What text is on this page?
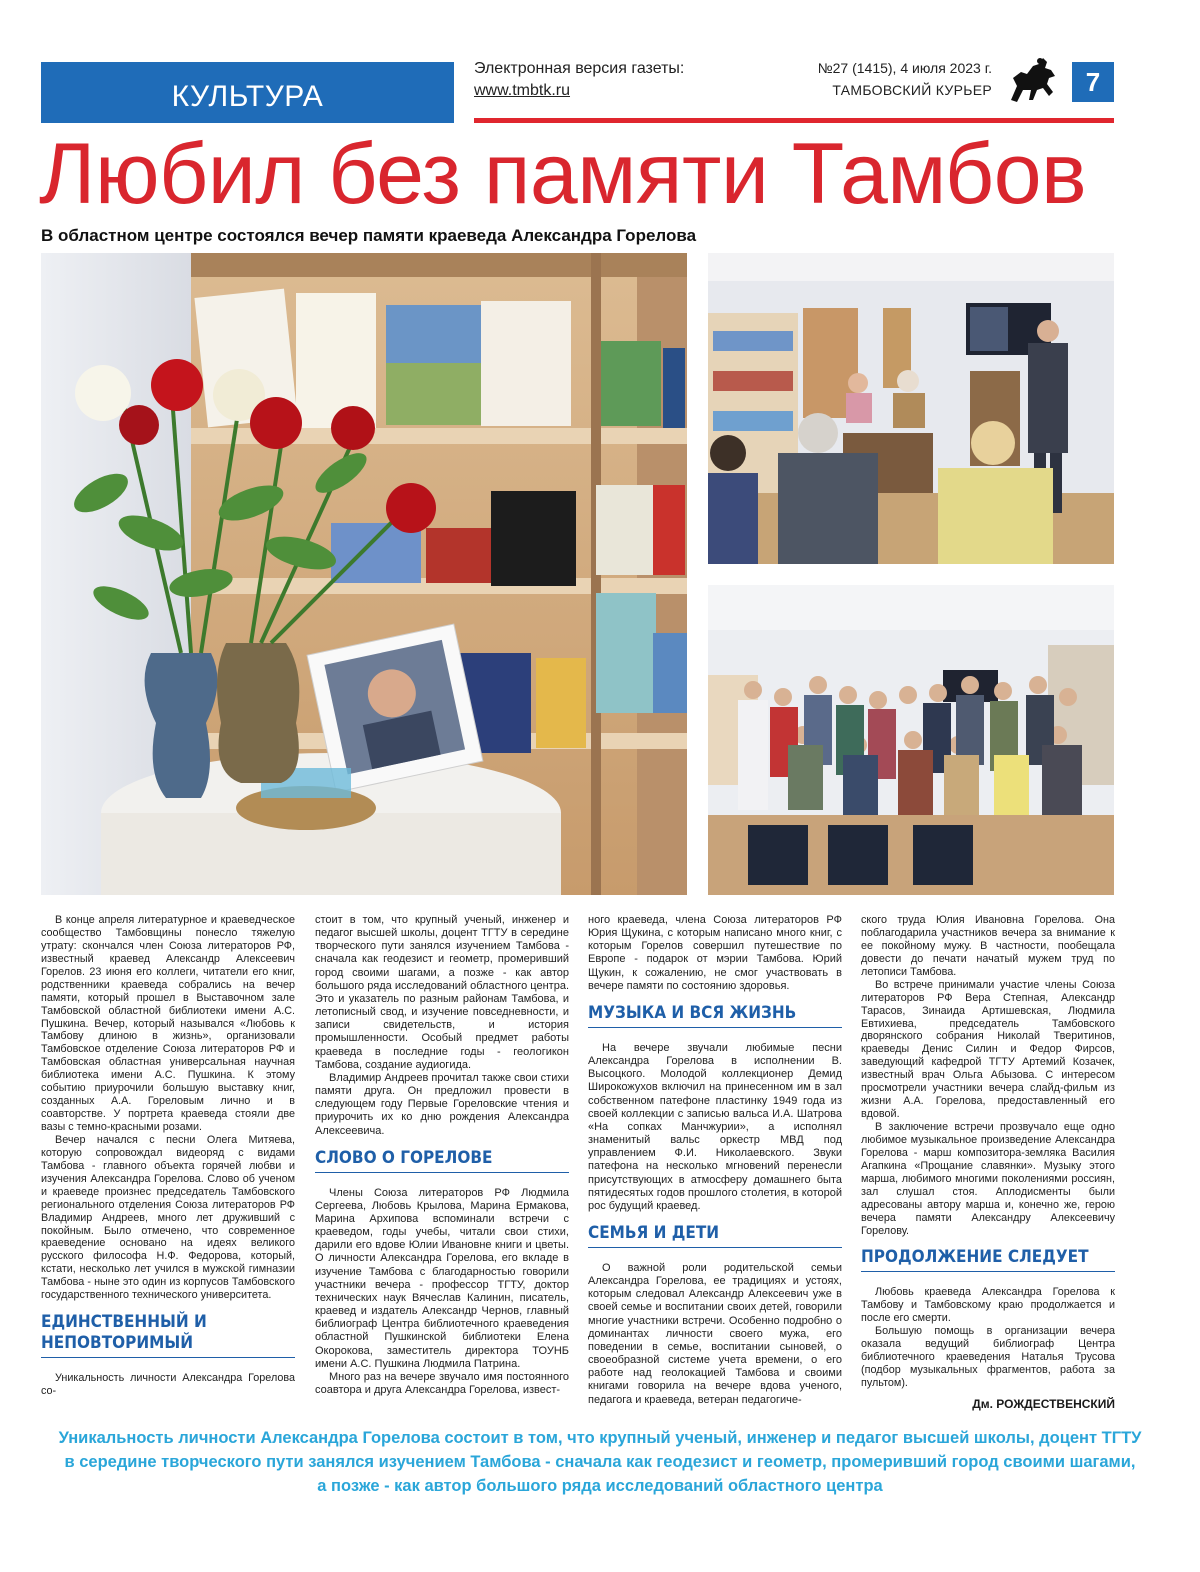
КУЛЬТУРА
Электронная версия газеты:
www.tmbtk.ru
№27 (1415), 4 июля 2023 г.
ТАМБОВСКИЙ КУРЬЕР	7
Любил без памяти Тамбов
В областном центре состоялся вечер памяти краеведа Александра Горелова

В конце апреля литературное и краеведческое сообщество Тамбовщины понесло тяжелую утрату: скончался член Союза литераторов РФ, известный краевед Александр Алексеевич Горелов. 23 июня его коллеги, читатели его книг, родственники краеведа собрались на вечер памяти, который прошел в Выставочном зале Тамбовской областной библиотеки имени А.С. Пушкина. Вечер, который назывался «Любовь к Тамбову длиною в жизнь», организовали Тамбовское отделение Союза литераторов РФ и Тамбовская областная универсальная научная библиотека имени А.С. Пушкина. К этому событию приурочили большую выставку книг, созданных А.А. Гореловым лично и в соавторстве. У портрета краеведа стояли две вазы с темно-красными розами.

Вечер начался с песни Олега Митяева, которую сопровождал видеоряд с видами Тамбова - главного объекта горячей любви и изучения Александра Горелова. Слово об ученом и краеведе произнес председатель Тамбовского регионального отделения Союза литераторов РФ Владимир Андреев, много лет друживший с покойным. Было отмечено, что современное краеведение основано на идеях великого русского философа Н.Ф. Федорова, который, кстати, несколько лет учился в мужской гимназии Тамбова - ныне это один из корпусов Тамбовского государственного технического университета.

ЕДИНСТВЕННЫЙ И НЕПОВТОРИМЫЙ

Уникальность личности Александра Горелова со-

стоит в том, что крупный ученый, инженер и педагог высшей школы, доцент ТГТУ в середине творческого пути занялся изучением Тамбова - сначала как геодезист и геометр, промеривший город своими шагами, а позже - как автор большого ряда исследований областного центра. Это и указатель по разным районам Тамбова, и летописный свод, и изучение повседневности, и записи свидетельств, и история промышленности. Особый предмет работы краеведа в последние годы - геологикон Тамбова, создание аудиогида.

Владимир Андреев прочитал также свои стихи памяти друга. Он предложил провести в следующем году Первые Гореловские чтения и приурочить их ко дню рождения Александра Алексеевича.

СЛОВО О ГОРЕЛОВЕ

Члены Союза литераторов РФ Людмила Сергеева, Любовь Крылова, Марина Ермакова, Марина Архипова вспоминали встречи с краеведом, годы учебы, читали свои стихи, дарили его вдове Юлии Ивановне книги и цветы. О личности Александра Горелова, его вкладе в изучение Тамбова с благодарностью говорили участники вечера - профессор ТГТУ, доктор технических наук Вячеслав Калинин, писатель, краевед и издатель Александр Чернов, главный библиограф Центра библиотечного краеведения областной Пушкинской библиотеки Елена Окорокова, заместитель директора ТОУНБ имени А.С. Пушкина Людмила Патрина.

Много раз на вечере звучало имя постоянного соавтора и друга Александра Горелова, извест-

ного краеведа, члена Союза литераторов РФ Юрия Щукина, с которым написано много книг, с которым Горелов совершил путешествие по Европе - подарок от мэрии Тамбова. Юрий Щукин, к сожалению, не смог участвовать в вечере памяти по состоянию здоровья.

МУЗЫКА И ВСЯ ЖИЗНЬ

На вечере звучали любимые песни Александра Горелова в исполнении В. Высоцкого. Молодой коллекционер Демид Широкожухов включил на принесенном им в зал собственном патефоне пластинку 1949 года из своей коллекции с записью вальса И.А. Шатрова «На сопках Манчжурии», а исполнял знаменитый вальс оркестр МВД под управлением Ф.И. Николаевского. Звуки патефона на несколько мгновений перенесли присутствующих в атмосферу домашнего быта пятидесятых годов прошлого столетия, в которой рос будущий краевед.

СЕМЬЯ И ДЕТИ

О важной роли родительской семьи Александра Горелова, ее традициях и устоях, которым следовал Александр Алексеевич уже в своей семье и воспитании своих детей, говорили многие участники встречи. Особенно подробно о доминантах личности своего мужа, его поведении в семье, воспитании сыновей, о своеобразной системе учета времени, о его работе над геолокацией Тамбова и своими книгами говорила на вечере вдова ученого, педагога и краеведа, ветеран педагогиче-

ского труда Юлия Ивановна Горелова. Она поблагодарила участников вечера за внимание к ее покойному мужу. В частности, пообещала довести до печати начатый мужем труд по летописи Тамбова.

Во встрече принимали участие члены Союза литераторов РФ Вера Степная, Александр Тарасов, Зинаида Артишевская, Людмила Евтихиева, председатель Тамбовского дворянского собрания Николай Тверитинов, краеведы Денис Силин и Федор Фирсов, заведующий кафедрой ТГТУ Артемий Козачек, известный врач Ольга Абызова. С интересом просмотрели участники вечера слайд-фильм из жизни А.А. Горелова, предоставленный его вдовой.

В заключение встречи прозвучало еще одно любимое музыкальное произведение Александра Горелова - марш композитора-земляка Василия Агапкина «Прощание славянки». Музыку этого марша, любимого многими поколениями россиян, зал слушал стоя. Аплодисменты были адресованы автору марша и, конечно же, герою вечера памяти Александру Алексеевичу Горелову.

ПРОДОЛЖЕНИЕ СЛЕДУЕТ

Любовь краеведа Александра Горелова к Тамбову и Тамбовскому краю продолжается и после его смерти.

Большую помощь в организации вечера оказала ведущий библиограф Центра библиотечного краеведения Наталья Трусова (подбор музыкальных фрагментов, работа за пультом).

Дм. РОЖДЕСТВЕНСКИЙ
Уникальность личности Александра Горелова состоит в том, что крупный ученый, инженер и педагог высшей школы, доцент ТГТУ
в середине творческого пути занялся изучением Тамбова - сначала как геодезист и геометр, промеривший город своими шагами,
а позже - как автор большого ряда исследований областного центра
